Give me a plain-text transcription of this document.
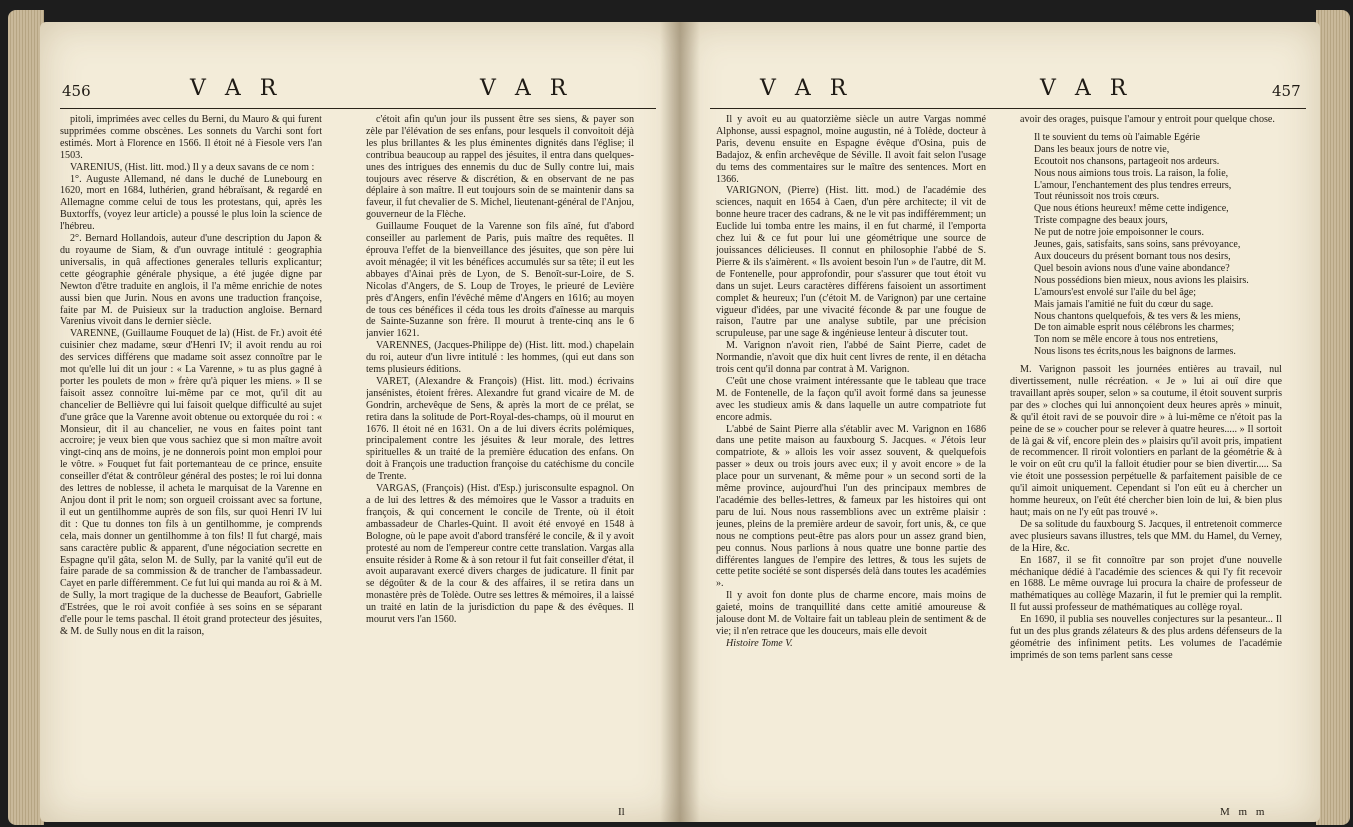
456	V A R	V A R

pitoli, imprimées avec celles du Berni, du Mauro & qui furent supprimées comme obscènes. Les sonnets du Varchi sont fort estimés. Mort à Florence en 1566. Il étoit né à Fiesole vers l'an 1503.

VARENIUS, (Hist. litt. mod.) Il y a deux savans de ce nom :

1°. Auguste Allemand, né dans le duché de Lunebourg en 1620, mort en 1684, luthérien, grand hébraïsant, & regardé en Allemagne comme celui de tous les protestans, qui, après les Buxtorffs, (voyez leur article) a poussé le plus loin la science de l'hébreu.

2°. Bernard Hollandois, auteur d'une description du Japon & du royaume de Siam, & d'un ouvrage intitulé : geographia universalis, in quâ affectiones generales telluris explicantur; cette géographie générale physique, a été jugée digne par Newton d'être traduite en anglois, il l'a même enrichie de notes aussi bien que Jurin. Nous en avons une traduction françoise, faite par M. de Puisieux sur la traduction angloise. Bernard Varenius vivoit dans le dernier siècle.

VARENNE, (Guillaume Fouquet de la) (Hist. de Fr.) avoit été cuisinier chez madame, sœur d'Henri IV; il avoit rendu au roi des services différens que madame soit assez connoître par le mot qu'elle lui dit un jour : « La Varenne, » tu as plus gagné à porter les poulets de mon » frère qu'à piquer les miens. » Il se faisoit assez connoître lui-même par ce mot, qu'il dit au chancelier de Bellièvre qui lui faisoit quelque difficulté au sujet d'une grâce que la Varenne avoit obtenue ou extorquée du roi : « Monsieur, dit il au chancelier, ne vous en faites point tant accroire; je veux bien que vous sachiez que si mon maître avoit vingt-cinq ans de moins, je ne donnerois point mon emploi pour le vôtre. » Fouquet fut fait portemanteau de ce prince, ensuite conseiller d'état & contrôleur général des postes; le roi lui donna des lettres de noblesse, il acheta le marquisat de la Varenne en Anjou dont il prit le nom; son orgueil croissant avec sa fortune, il eut un gentilhomme auprès de son fils, sur quoi Henri IV lui dit : Que tu donnes ton fils à un gentilhomme, je comprends cela, mais donner un gentilhomme à ton fils! Il fut chargé, mais sans caractère public & apparent, d'une négociation secrette en Espagne qu'il gâta, selon M. de Sully, par la vanité qu'il eut de faire parade de sa commission & de trancher de l'ambassadeur. Cayet en parle différemment. Ce fut lui qui manda au roi & à M. de Sully, la mort tragique de la duchesse de Beaufort, Gabrielle d'Estrées, que le roi avoit confiée à ses soins en se séparant d'elle pour le tems paschal. Il étoit grand protecteur des jésuites, & M. de Sully nous en dit la raison,

c'étoit afin qu'un jour ils pussent être ses siens, & payer son zèle par l'élévation de ses enfans, pour lesquels il convoitoit déjà les plus brillantes & les plus éminentes dignités dans l'église; il contribua beaucoup au rappel des jésuites, il entra dans quelques-unes des intrigues des ennemis du duc de Sully contre lui, mais toujours avec réserve & discrétion, & en observant de ne pas déplaire à son maître. Il eut toujours soin de se maintenir dans sa faveur, il fut chevalier de S. Michel, lieutenant-général de l'Anjou, gouverneur de la Flèche.

Guillaume Fouquet de la Varenne son fils aîné, fut d'abord conseiller au parlement de Paris, puis maître des requêtes. Il éprouva l'effet de la bienveillance des jésuites, que son père lui avoit ménagée; il vit les bénéfices accumulés sur sa tête; il eut les abbayes d'Ainai près de Lyon, de S. Benoît-sur-Loire, de S. Nicolas d'Angers, de S. Loup de Troyes, le prieuré de Levière près d'Angers, enfin l'évêché même d'Angers en 1616; au moyen de tous ces bénéfices il céda tous les droits d'aînesse au marquis de Sainte-Suzanne son frère. Il mourut à trente-cinq ans le 6 janvier 1621.

VARENNES, (Jacques-Philippe de) (Hist. litt. mod.) chapelain du roi, auteur d'un livre intitulé : les hommes, (qui eut dans son tems plusieurs éditions.

VARET, (Alexandre & François) (Hist. litt. mod.) écrivains jansénistes, étoient frères. Alexandre fut grand vicaire de M. de Gondrin, archevêque de Sens, & après la mort de ce prélat, se retira dans la solitude de Port-Royal-des-champs, où il mourut en 1676. Il étoit né en 1631. On a de lui divers écrits polémiques, principalement contre les jésuites & leur morale, des lettres spirituelles & un traité de la première éducation des enfans. On doit à François une traduction françoise du catéchisme du concile de Trente.

VARGAS, (François) (Hist. d'Esp.) jurisconsulte espagnol. On a de lui des lettres & des mémoires que le Vassor a traduits en françois, & qui concernent le concile de Trente, où il étoit ambassadeur de Charles-Quint. Il avoit été envoyé en 1548 à Bologne, où le pape avoit d'abord transféré le concile, & il y avoit protesté au nom de l'empereur contre cette translation. Vargas alla ensuite résider à Rome & à son retour il fut fait conseiller d'état, il avoit auparavant exercé divers charges de judicature. Il finit par se dégoûter & de la cour & des affaires, il se retira dans un monastère près de Tolède. Outre ses lettres & mémoires, il a laissé un traité en latin de la jurisdiction du pape & des évêques. Il mourut vers l'an 1560.

Il
V A R	V A R	457

Il y avoit eu au quatorzième siècle un autre Vargas nommé Alphonse, aussi espagnol, moine augustin, né à Tolède, docteur à Paris, devenu ensuite en Espagne évêque d'Osina, puis de Badajoz, & enfin archevêque de Séville. Il avoit fait selon l'usage du tems des commentaires sur le maître des sentences. Mort en 1366.

VARIGNON, (Pierre) (Hist. litt. mod.) de l'académie des sciences, naquit en 1654 à Caen, d'un père architecte; il vit de bonne heure tracer des cadrans, & ne le vit pas indifféremment; un Euclide lui tomba entre les mains, il en fut charmé, il l'emporta chez lui & ce fut pour lui une géométrique une source de jouissances délicieuses. Il connut en philosophie l'abbé de S. Pierre & ils s'aimèrent. « Ils avoient besoin l'un » de l'autre, dit M. de Fontenelle, pour approfondir, pour s'assurer que tout étoit vu dans un sujet. Leurs caractères différens faisoient un assortiment complet & heureux; l'un (c'étoit M. de Varignon) par une certaine vigueur d'idées, par une vivacité féconde & par une fougue de raison, l'autre par une analyse subtile, par une précision scrupuleuse, par une sage & ingénieuse lenteur à discuter tout.

M. Varignon n'avoit rien, l'abbé de Saint Pierre, cadet de Normandie, n'avoit que dix huit cent livres de rente, il en détacha trois cent qu'il donna par contrat à M. Varignon.

C'eût une chose vraiment intéressante que le tableau que trace M. de Fontenelle, de la façon qu'il avoit formé dans sa jeunesse avec les studieux amis & dans laquelle un autre compatriote fut encore admis.

L'abbé de Saint Pierre alla s'établir avec M. Varignon en 1686 dans une petite maison au fauxbourg S. Jacques. « J'étois leur compatriote, & » allois les voir assez souvent, & quelquefois passer » deux ou trois jours avec eux; il y avoit encore » de la place pour un survenant, & même pour » un second sorti de la même province, aujourd'hui l'un des principaux membres de l'académie des belles-lettres, & fameux par les histoires qui ont paru de lui. Nous nous rassemblions avec un extrême plaisir : jeunes, pleins de la première ardeur de savoir, fort unis, &, ce que nous ne comptions peut-être pas alors pour un assez grand bien, peu connus. Nous parlions à nous quatre une bonne partie des différentes langues de l'empire des lettres, & tous les sujets de cette petite société se sont dispersés delà dans toutes les académies ».

Il y avoit fon donte plus de charme encore, mais moins de gaieté, moins de tranquillité dans cette amitié amoureuse & jalouse dont M. de Voltaire fait un tableau plein de sentiment & de vie; il n'en retrace que les douceurs, mais elle devoit

Histoire Tome V.

avoir des orages, puisque l'amour y entroit pour quelque chose.

Il te souvient du tems où l'aimable Egérie

Dans les beaux jours de notre vie,

Ecoutoit nos chansons, partageoit nos ardeurs.

Nous nous aimions tous trois. La raison, la folie,

L'amour, l'enchantement des plus tendres erreurs,

Tout réunissoit nos trois cœurs.

Que nous étions heureux! même cette indigence,

Triste compagne des beaux jours,

Ne put de notre joie empoisonner le cours.

Jeunes, gais, satisfaits, sans soins, sans prévoyance,

Aux douceurs du présent bornant tous nos desirs,

Quel besoin avions nous d'une vaine abondance?

Nous possédions bien mieux, nous avions les plaisirs.

L'amours'est envolé sur l'aile du bel âge;

Mais jamais l'amitié ne fuit du cœur du sage.

Nous chantons quelquefois, & tes vers & les miens,

De ton aimable esprit nous célébrons les charmes;

Ton nom se mêle encore à tous nos entretiens,

Nous lisons tes écrits,nous les baignons de larmes.

M. Varignon passoit les journées entières au travail, nul divertissement, nulle récréation. « Je » lui ai ouï dire que travaillant après souper, selon » sa coutume, il étoit souvent surpris par des » cloches qui lui annonçoient deux heures après » minuit, & qu'il étoit ravi de se pouvoir dire » à lui-même ce n'étoit pas la peine de se » coucher pour se relever à quatre heures..... » Il sortoit de là gai & vif, encore plein des » plaisirs qu'il avoit pris, impatient de recommencer. Il riroit volontiers en parlant de la géométrie & à le voir on eût cru qu'il la falloit étudier pour se bien divertir..... Sa vie étoit une possession perpétuelle & parfaitement paisible de ce qu'il aimoit uniquement. Cependant si l'on eût eu à chercher un homme heureux, on l'eût été chercher bien loin de lui, & bien plus haut; mais on ne l'y eût pas trouvé ».

De sa solitude du fauxbourg S. Jacques, il entretenoit commerce avec plusieurs savans illustres, tels que MM. du Hamel, du Verney, de la Hire, &c.

En 1687, il se fit connoître par son projet d'une nouvelle méchanique dédié à l'académie des sciences & qui l'y fit recevoir en 1688. Le même ouvrage lui procura la chaire de professeur de mathématiques au collège Mazarin, il fut le premier qui la remplit. Il fut aussi professeur de mathématiques au collège royal.

En 1690, il publia ses nouvelles conjectures sur la pesanteur... Il fut un des plus grands zélateurs & des plus ardens défenseurs de la géométrie des infiniment petits. Les volumes de l'académie imprimés de son tems parlent sans cesse

M m m
